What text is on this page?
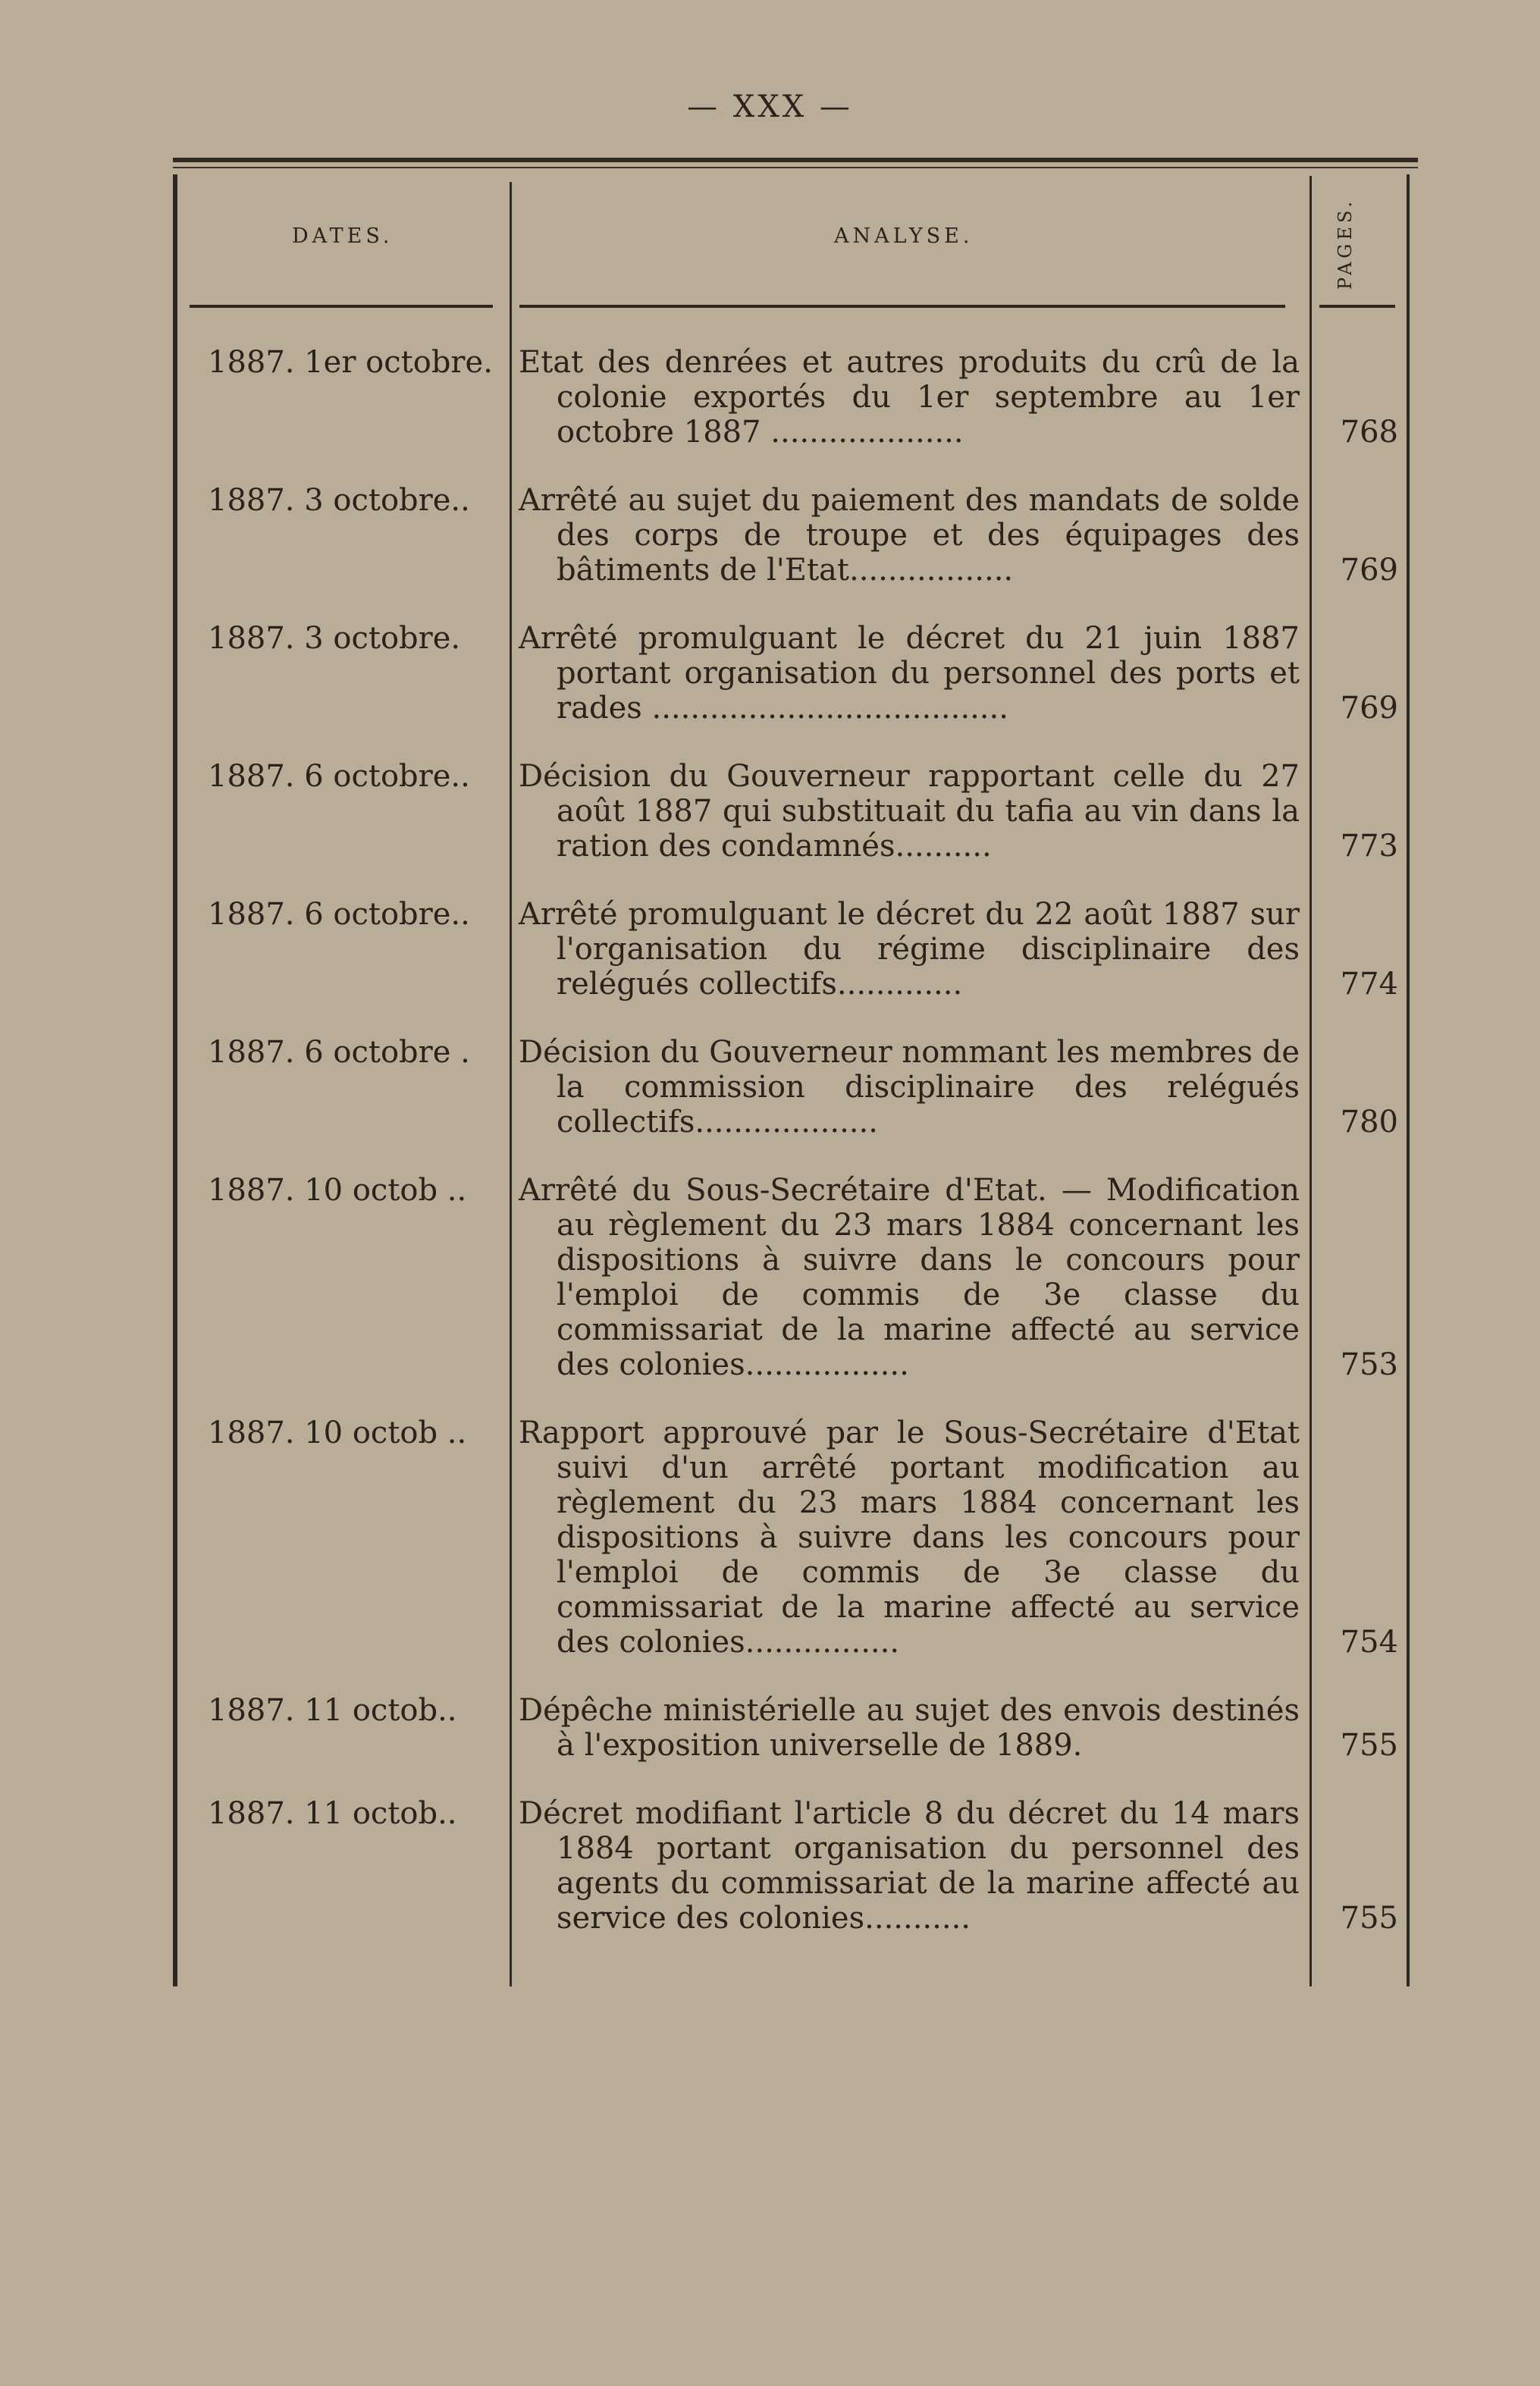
— XXX —
DATES.	ANALYSE.	PAGES.
1887. 1er octobre. Etat des denrées et autres produits du crû de la colonie exportés du 1er septembre au 1er octobre 1887 ....................	768
1887. 3 octobre..	Arrêté au sujet du paiement des mandats de solde des corps de troupe et des équipages des bâtiments de l'Etat.................	769
1887. 3 octobre.	Arrêté promulguant le décret du 21 juin 1887 portant organisation du personnel des ports et rades .....................................	769
1887. 6 octobre..	Décision du Gouverneur rapportant celle du 27 août 1887 qui substituait du tafia au vin dans la ration des condamnés..........	773
1887. 6 octobre..	Arrêté promulguant le décret du 22 août 1887 sur l'organisation du régime disciplinaire des relégués collectifs.............	774
1887. 6 octobre .	Décision du Gouverneur nommant les membres de la commission disciplinaire des relégués collectifs...................	780
1887. 10 octob ..	Arrêté du Sous-Secrétaire d'Etat. — Modification au règlement du 23 mars 1884 concernant les dispositions à suivre dans le concours pour l'emploi de commis de 3e classe du commissariat de la marine affecté au service des colonies.................	753
1887. 10 octob ..	Rapport approuvé par le Sous-Secrétaire d'Etat suivi d'un arrêté portant modification au règlement du 23 mars 1884 concernant les dispositions à suivre dans les concours pour l'emploi de commis de 3e classe du commissariat de la marine affecté au service des colonies................	754
1887. 11 octob..	Dépêche ministérielle au sujet des envois destinés à l'exposition universelle de 1889.	755
1887. 11 octob..	Décret modifiant l'article 8 du décret du 14 mars 1884 portant organisation du personnel des agents du commissariat de la marine affecté au service des colonies...........	755
